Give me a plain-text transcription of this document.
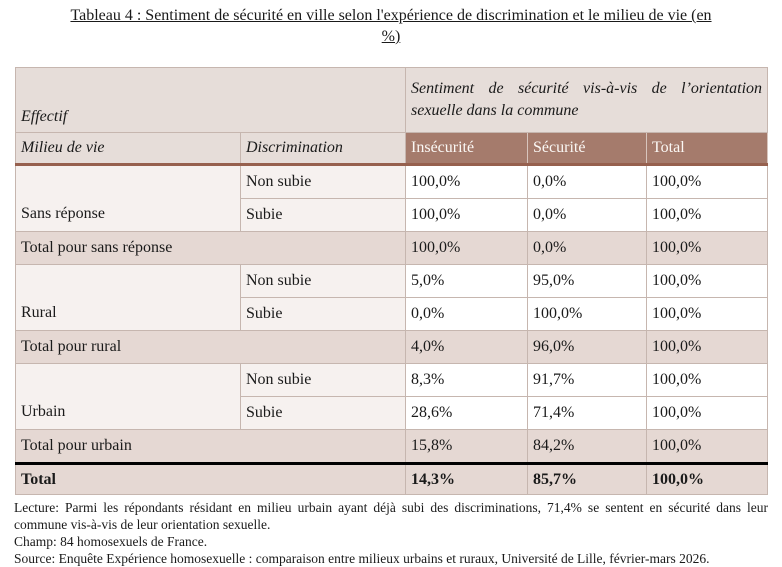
Tableau 4 : Sentiment de sécurité en ville selon l'expérience de discrimination et le milieu de vie (en
%)
Effectif		Sentiment de sécurité vis-à-vis de l’orientation sexuelle dans la commune		
Milieu de vie	Discrimination	Insécurité	Sécurité	Total
Sans réponse	Non subie	100,0%	0,0%	100,0%
	Subie	100,0%	0,0%	100,0%
Total pour sans réponse		100,0%	0,0%	100,0%
Rural	Non subie	5,0%	95,0%	100,0%
	Subie	0,0%	100,0%	100,0%
Total pour rural		4,0%	96,0%	100,0%
Urbain	Non subie	8,3%	91,7%	100,0%
	Subie	28,6%	71,4%	100,0%
Total pour urbain		15,8%	84,2%	100,0%
Total		14,3%	85,7%	100,0%

Lecture: Parmi les répondants résidant en milieu urbain ayant déjà subi des discriminations, 71,4% se sentent en sécurité dans leur commune vis-à-vis de leur orientation sexuelle.

Champ: 84 homosexuels de France.

Source: Enquête Expérience homosexuelle : comparaison entre milieux urbains et ruraux, Université de Lille, février-mars 2026.
